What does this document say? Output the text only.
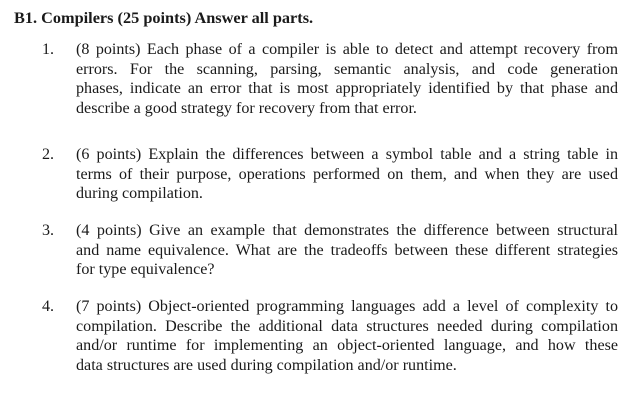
B1. Compilers (25 points) Answer all parts.
1.	(8 points) Each phase of a compiler is able to detect and attempt recovery from
errors. For the scanning, parsing, semantic analysis, and code generation
phases, indicate an error that is most appropriately identified by that phase and
describe a good strategy for recovery from that error.
2.	(6 points) Explain the differences between a symbol table and a string table in
terms of their purpose, operations performed on them, and when they are used
during compilation.
3.	(4 points) Give an example that demonstrates the difference between structural
and name equivalence. What are the tradeoffs between these different strategies
for type equivalence?
4.	(7 points) Object-oriented programming languages add a level of complexity to
compilation. Describe the additional data structures needed during compilation
and/or runtime for implementing an object-oriented language, and how these
data structures are used during compilation and/or runtime.
